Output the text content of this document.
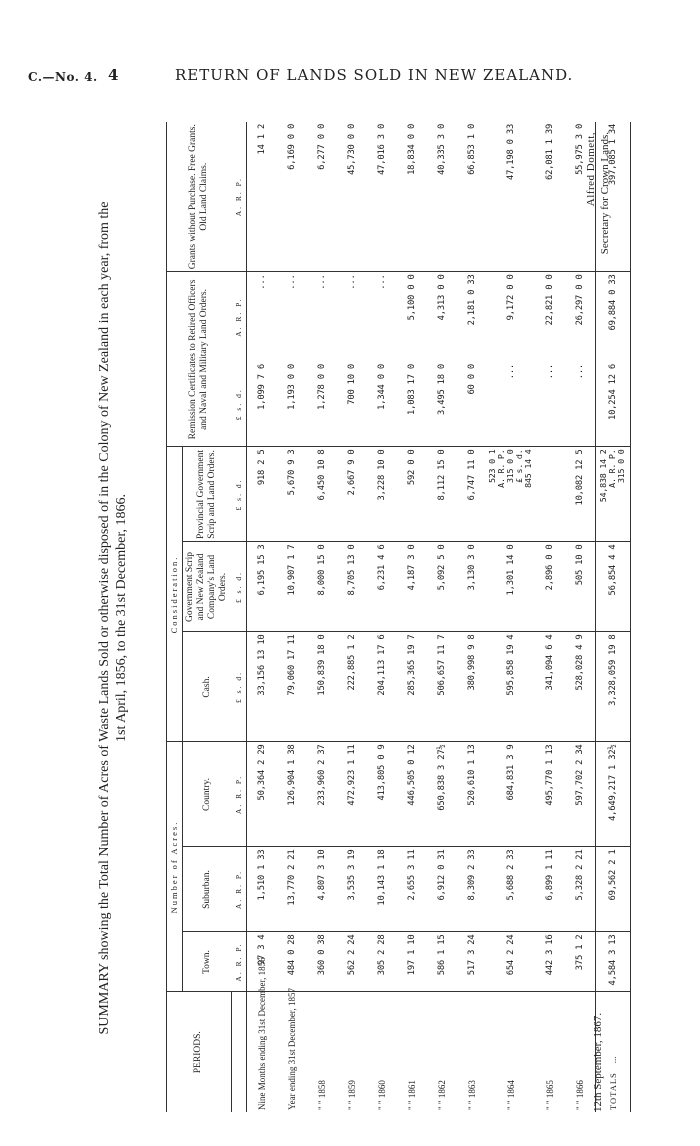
C.—No. 4. 4	RETURN OF LANDS SOLD IN NEW ZEALAND.
SUMMARY showing the Total Number of Acres of Waste Lands Sold or otherwise disposed of in the Colony of New Zealand in each year, from the 1st April, 1856, to the 31st December, 1866.
PERIODS.	Number of Acres.			Consideration.			Remission Certificates to Retired Officers and Naval and Military Land Orders.		Grants without Purchase. Free Grants. Old Land Claims.
	Town.	Suburban.	Country.	Cash.	Government Scrip and New Zealand Company's Land Orders.	Provincial Government Scrip and Land Orders.			
	A. R. P.	A. R. P.	A. R. P.	£ s. d.	£ s. d.	£ s. d.	£ s. d.	A. R. P.	A. R. P.
Nine Months ending 31st December, 1856	97 3 4	1,510 1 33	50,364 2 29	33,156 13 10	6,195 15 3	918 2 5	1,099 7 6	...	14 1 2
Year ending 31st December, 1857	484 0 28	13,770 2 21	126,904 1 38	79,060 17 11	10,907 1 7	5,670 9 3	1,193 0 0	...	6,169 0 0
" " 1858	360 0 38	4,807 3 10	233,960 2 37	150,839 18 0	8,000 15 0	6,450 10 8	1,278 0 0	...	6,277 0 0
" " 1859	562 2 24	3,535 3 19	472,923 1 11	222,885 1 2	8,705 13 0	2,667 9 0	700 10 0	...	45,730 0 0
" " 1860	305 2 28	10,143 1 18	413,805 0 9	204,113 17 6	6,231 4 6	3,228 10 0	1,344 0 0	...	47,016 3 0
" " 1861	197 1 10	2,655 3 11	446,505 0 12	285,365 19 7	4,187 3 0	592 0 0	1,083 17 0	5,100 0 0	18,834 0 0
" " 1862	586 1 15	6,912 0 31	650,838 3 27½	506,657 11 7	5,092 5 0	8,112 15 0	3,495 18 0	4,313 0 0	40,335 3 0
" " 1863	517 3 24	8,309 2 33	520,610 1 13	380,998 9 8	3,130 3 0	6,747 11 0	60 0 0	2,181 0 33	66,853 1 0
" " 1864	654 2 24	5,688 2 33	684,831 3 9	595,858 19 4	1,301 14 0	523 0 1 A. R. P. 315 0 0 £ s. d. 845 14 4	...	9,172 0 0	47,198 0 33
" " 1865	442 3 16	6,899 1 11	495,770 1 13	341,094 6 4	2,896 0 0		...	22,821 0 0	62,081 1 39
" " 1866	375 1 2	5,328 2 21	597,702 2 34	528,028 4 9	505 10 0	10,082 12 5	...	26,297 0 0	55,975 3 0
TOTALS    ...	4,584 3 13	69,562 2 1	4,649,217 1 32½	3,328,059 19 8	56,854 4 4	54,838 14 2 A. R. P. 315 0 0	10,254 12 6	69,884 0 33	397,085 1 34
12th September, 1867.
Alfred Domett, Secretary for Crown Lands.
